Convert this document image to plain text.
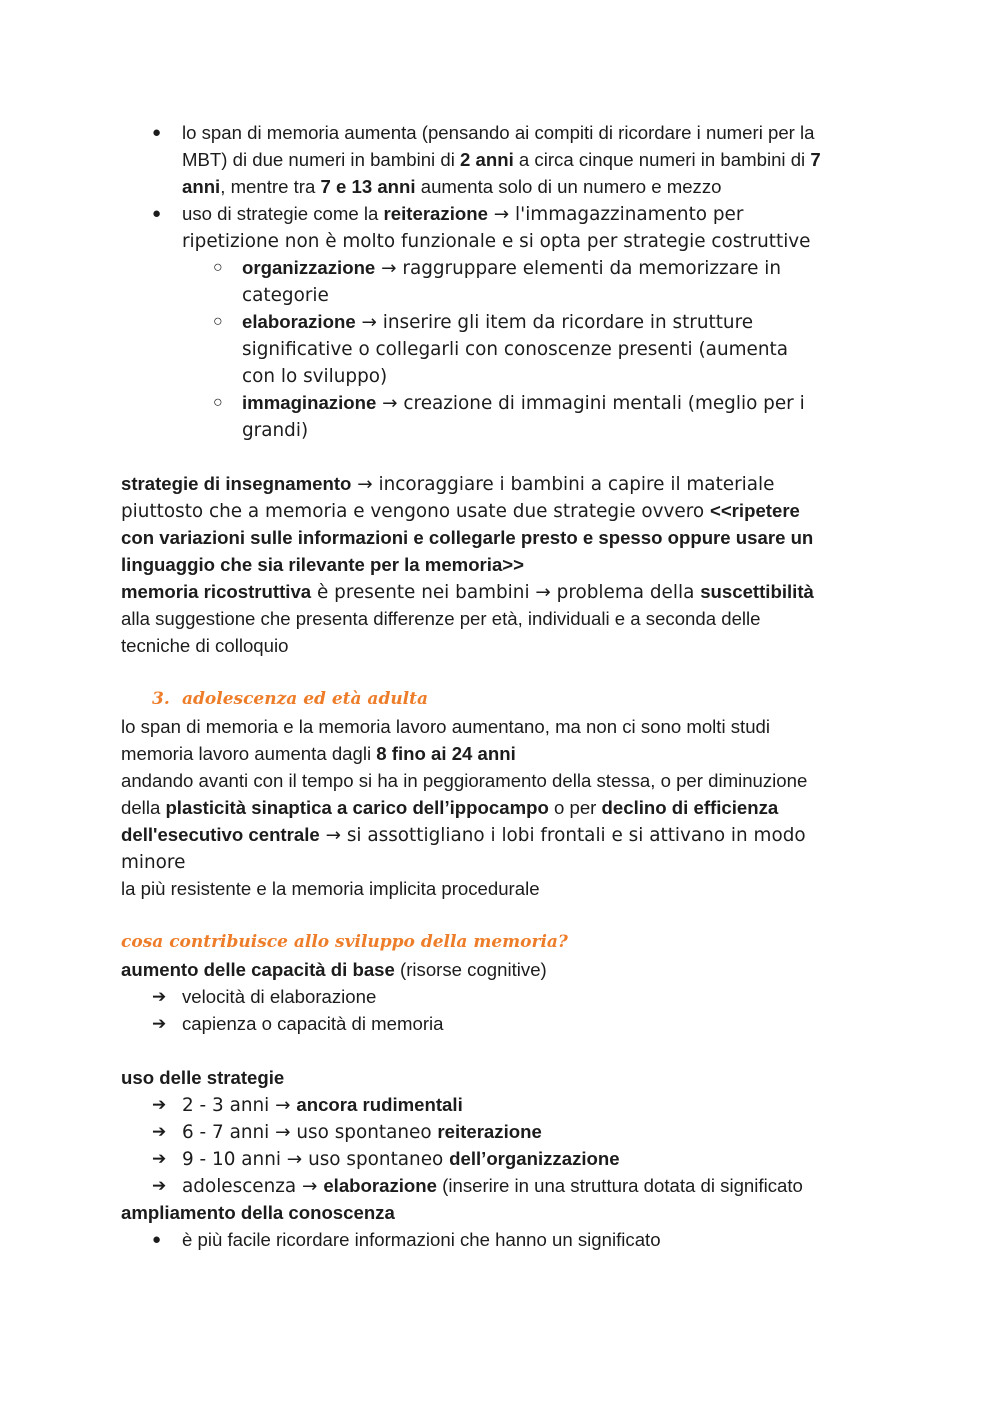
● lo span di memoria aumenta (pensando ai compiti di ricordare i numeri per la
MBT) di due numeri in bambini di 2 anni a circa cinque numeri in bambini di 7
anni, mentre tra 7 e 13 anni aumenta solo di un numero e mezzo
● uso di strategie come la reiterazione → l'immagazzinamento per
ripetizione non è molto funzionale e si opta per strategie costruttive
○ organizzazione → raggruppare elementi da memorizzare in
categorie
○ elaborazione → inserire gli item da ricordare in strutture
significative o collegarli con conoscenze presenti (aumenta
con lo sviluppo)
○ immaginazione → creazione di immagini mentali (meglio per i
grandi)
strategie di insegnamento → incoraggiare i bambini a capire il materiale
piuttosto che a memoria e vengono usate due strategie ovvero <<ripetere
con variazioni sulle informazioni e collegarle presto e spesso oppure usare un
linguaggio che sia rilevante per la memoria>>
memoria ricostruttiva è presente nei bambini → problema della suscettibilità
alla suggestione che presenta differenze per età, individuali e a seconda delle
tecniche di colloquio
3. adolescenza ed età adulta
lo span di memoria e la memoria lavoro aumentano, ma non ci sono molti studi
memoria lavoro aumenta dagli 8 fino ai 24 anni
andando avanti con il tempo si ha in peggioramento della stessa, o per diminuzione
della plasticità sinaptica a carico dell’ippocampo o per declino di efficienza
dell'esecutivo centrale → si assottigliano i lobi frontali e si attivano in modo
minore
la più resistente e la memoria implicita procedurale
cosa contribuisce allo sviluppo della memoria?
aumento delle capacità di base (risorse cognitive)
➔ velocità di elaborazione
➔ capienza o capacità di memoria
uso delle strategie
➔ 2 - 3 anni → ancora rudimentali
➔ 6 - 7 anni → uso spontaneo reiterazione
➔ 9 - 10 anni → uso spontaneo dell’organizzazione
➔ adolescenza → elaborazione (inserire in una struttura dotata di significato
ampliamento della conoscenza
● è più facile ricordare informazioni che hanno un significato
